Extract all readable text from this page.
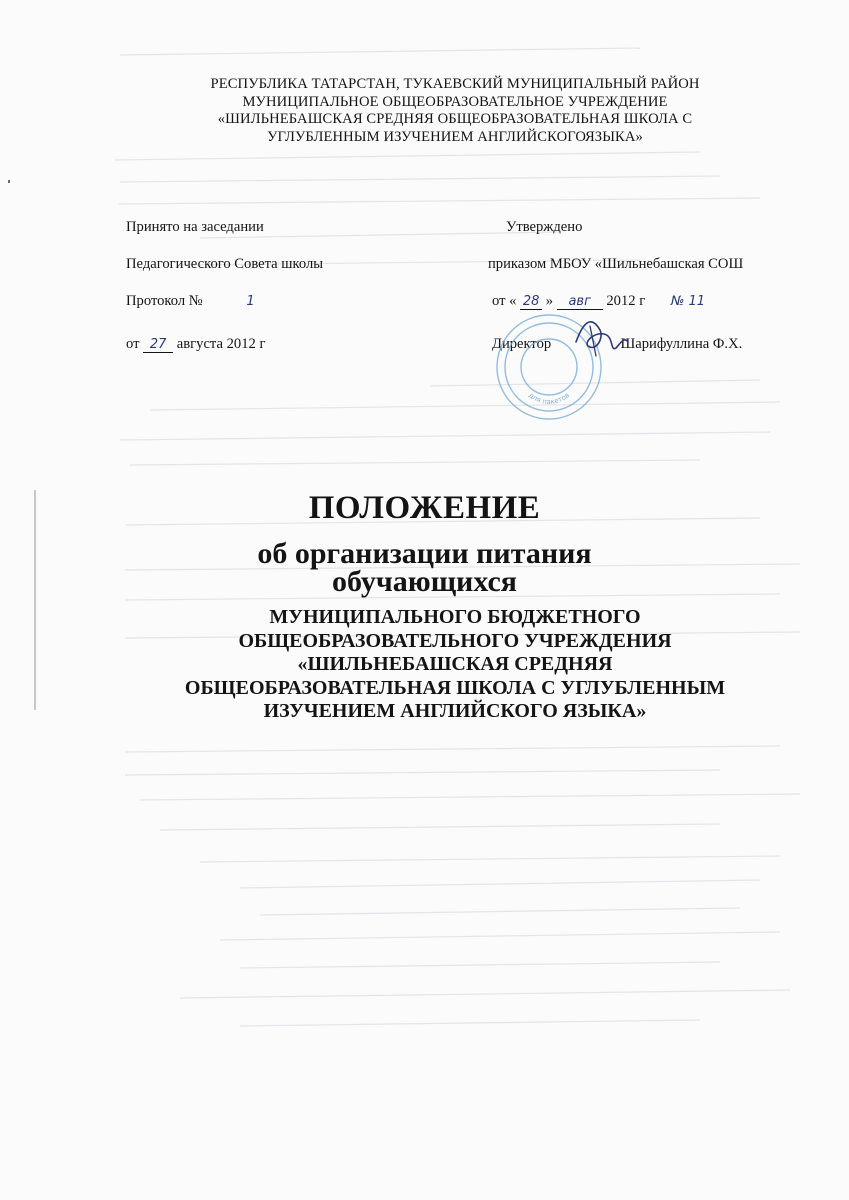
РЕСПУБЛИКА ТАТАРСТАН, ТУКАЕВСКИЙ МУНИЦИПАЛЬНЫЙ РАЙОН
МУНИЦИПАЛЬНОЕ ОБЩЕОБРАЗОВАТЕЛЬНОЕ УЧРЕЖДЕНИЕ
«ШИЛЬНЕБАШСКАЯ СРЕДНЯЯ ОБЩЕОБРАЗОВАТЕЛЬНАЯ ШКОЛА С
УГЛУБЛЕННЫМ ИЗУЧЕНИЕМ АНГЛИЙСКОГОЯЗЫКА»
Принято на заседании
Педагогического Совета школы
Протокол №	1
от 27 августа 2012 г
Утверждено
приказом МБОУ «Шильнебашская СОШ
от « 28 » авг 2012 г № 11
Директор	Шарифуллина Ф.Х.
для пакетов
ПОЛОЖЕНИЕ
об организации питания
обучающихся
МУНИЦИПАЛЬНОГО БЮДЖЕТНОГО
ОБЩЕОБРАЗОВАТЕЛЬНОГО УЧРЕЖДЕНИЯ
«ШИЛЬНЕБАШСКАЯ СРЕДНЯЯ
ОБЩЕОБРАЗОВАТЕЛЬНАЯ ШКОЛА С УГЛУБЛЕННЫМ
ИЗУЧЕНИЕМ АНГЛИЙСКОГО ЯЗЫКА»
